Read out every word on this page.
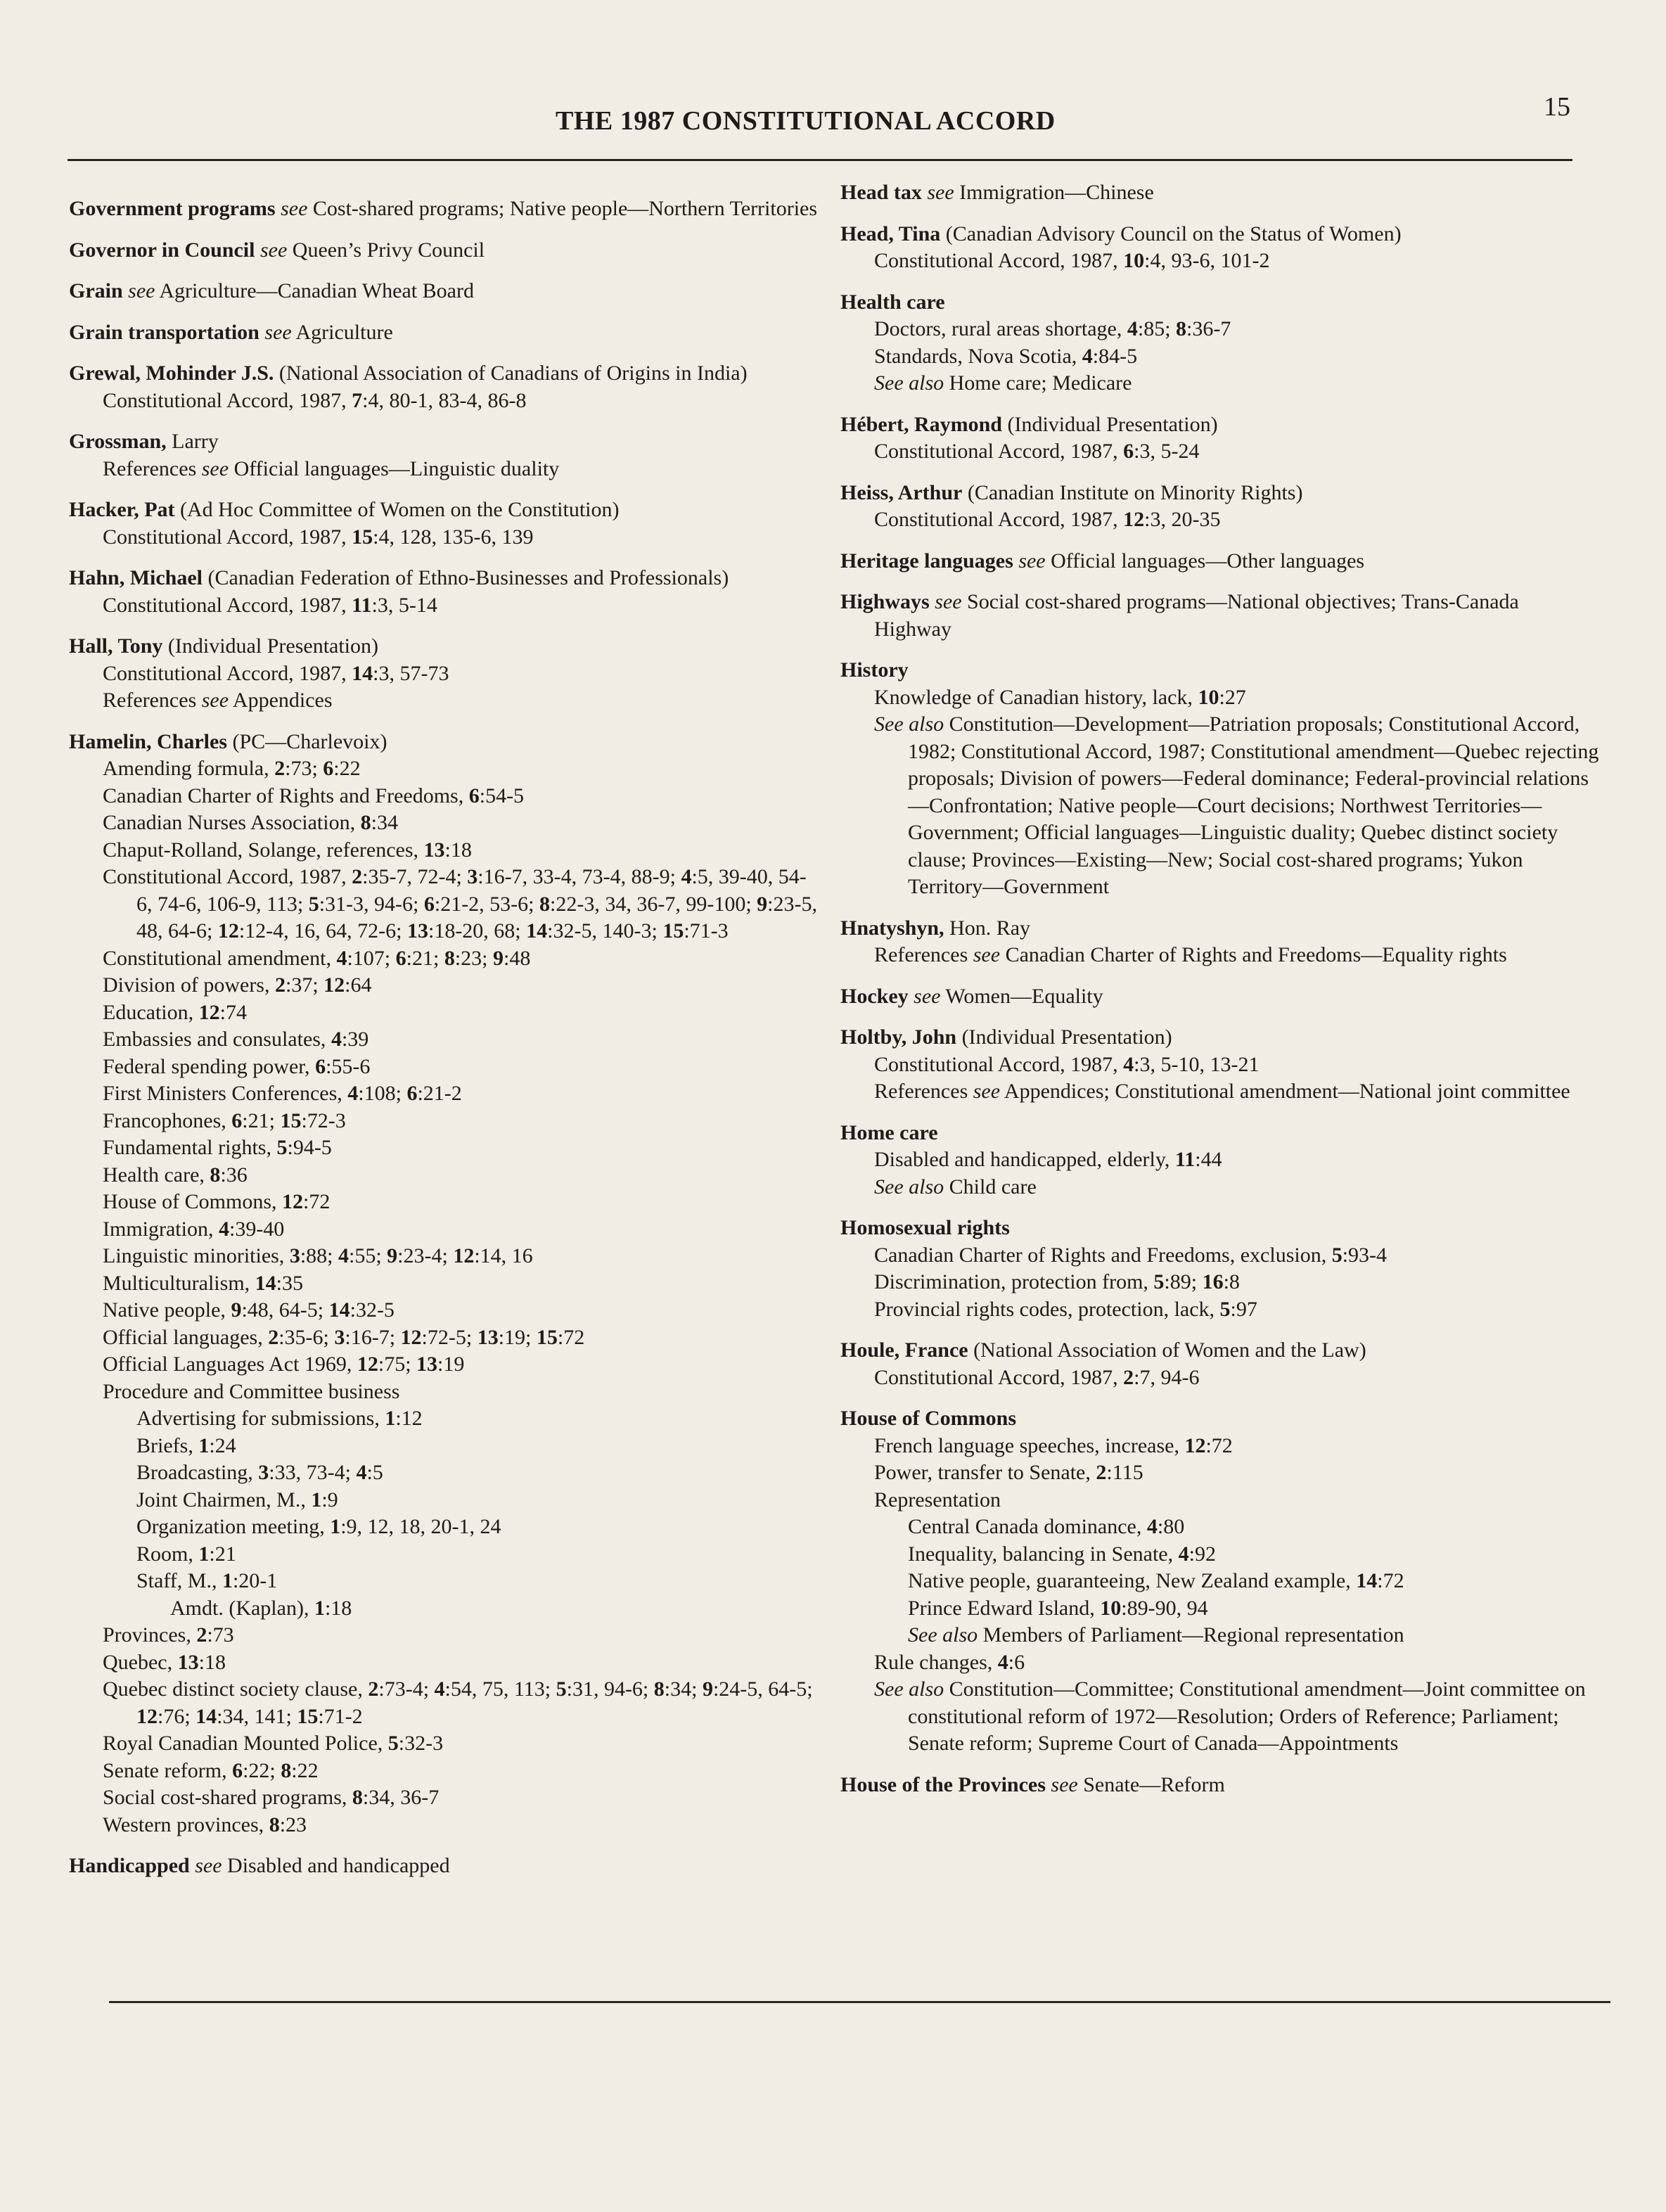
THE 1987 CONSTITUTIONAL ACCORD	15
Government programs see Cost-shared programs; Native people—Northern Territories
Governor in Council see Queen’s Privy Council
Grain see Agriculture—Canadian Wheat Board
Grain transportation see Agriculture
Grewal, Mohinder J.S. (National Association of Canadians of Origins in India)
Constitutional Accord, 1987, 7:4, 80-1, 83-4, 86-8
Grossman, Larry
References see Official languages—Linguistic duality
Hacker, Pat (Ad Hoc Committee of Women on the Constitution)
Constitutional Accord, 1987, 15:4, 128, 135-6, 139
Hahn, Michael (Canadian Federation of Ethno-Businesses and Professionals)
Constitutional Accord, 1987, 11:3, 5-14
Hall, Tony (Individual Presentation)
Constitutional Accord, 1987, 14:3, 57-73
References see Appendices
Hamelin, Charles (PC—Charlevoix)
Amending formula, 2:73; 6:22
Canadian Charter of Rights and Freedoms, 6:54-5
Canadian Nurses Association, 8:34
Chaput-Rolland, Solange, references, 13:18
Constitutional Accord, 1987, 2:35-7, 72-4; 3:16-7, 33-4, 73-4, 88-9; 4:5, 39-40, 54-6, 74-6, 106-9, 113; 5:31-3, 94-6; 6:21-2, 53-6; 8:22-3, 34, 36-7, 99-100; 9:23-5, 48, 64-6; 12:12-4, 16, 64, 72-6; 13:18-20, 68; 14:32-5, 140-3; 15:71-3
Constitutional amendment, 4:107; 6:21; 8:23; 9:48
Division of powers, 2:37; 12:64
Education, 12:74
Embassies and consulates, 4:39
Federal spending power, 6:55-6
First Ministers Conferences, 4:108; 6:21-2
Francophones, 6:21; 15:72-3
Fundamental rights, 5:94-5
Health care, 8:36
House of Commons, 12:72
Immigration, 4:39-40
Linguistic minorities, 3:88; 4:55; 9:23-4; 12:14, 16
Multiculturalism, 14:35
Native people, 9:48, 64-5; 14:32-5
Official languages, 2:35-6; 3:16-7; 12:72-5; 13:19; 15:72
Official Languages Act 1969, 12:75; 13:19
Procedure and Committee business
Advertising for submissions, 1:12
Briefs, 1:24
Broadcasting, 3:33, 73-4; 4:5
Joint Chairmen, M., 1:9
Organization meeting, 1:9, 12, 18, 20-1, 24
Room, 1:21
Staff, M., 1:20-1
Amdt. (Kaplan), 1:18
Provinces, 2:73
Quebec, 13:18
Quebec distinct society clause, 2:73-4; 4:54, 75, 113; 5:31, 94-6; 8:34; 9:24-5, 64-5; 12:76; 14:34, 141; 15:71-2
Royal Canadian Mounted Police, 5:32-3
Senate reform, 6:22; 8:22
Social cost-shared programs, 8:34, 36-7
Western provinces, 8:23
Handicapped see Disabled and handicapped
Head tax see Immigration—Chinese
Head, Tina (Canadian Advisory Council on the Status of Women)
Constitutional Accord, 1987, 10:4, 93-6, 101-2
Health care
Doctors, rural areas shortage, 4:85; 8:36-7
Standards, Nova Scotia, 4:84-5
See also Home care; Medicare
Hébert, Raymond (Individual Presentation)
Constitutional Accord, 1987, 6:3, 5-24
Heiss, Arthur (Canadian Institute on Minority Rights)
Constitutional Accord, 1987, 12:3, 20-35
Heritage languages see Official languages—Other languages
Highways see Social cost-shared programs—National objectives; Trans-Canada Highway
History
Knowledge of Canadian history, lack, 10:27
See also Constitution—Development—Patriation proposals; Constitutional Accord, 1982; Constitutional Accord, 1987; Constitutional amendment—Quebec rejecting proposals; Division of powers—Federal dominance; Federal-provincial relations—Confrontation; Native people—Court decisions; Northwest Territories—Government; Official languages—Linguistic duality; Quebec distinct society clause; Provinces—Existing—New; Social cost-shared programs; Yukon Territory—Government
Hnatyshyn, Hon. Ray
References see Canadian Charter of Rights and Freedoms—Equality rights
Hockey see Women—Equality
Holtby, John (Individual Presentation)
Constitutional Accord, 1987, 4:3, 5-10, 13-21
References see Appendices; Constitutional amendment—National joint committee
Home care
Disabled and handicapped, elderly, 11:44
See also Child care
Homosexual rights
Canadian Charter of Rights and Freedoms, exclusion, 5:93-4
Discrimination, protection from, 5:89; 16:8
Provincial rights codes, protection, lack, 5:97
Houle, France (National Association of Women and the Law)
Constitutional Accord, 1987, 2:7, 94-6
House of Commons
French language speeches, increase, 12:72
Power, transfer to Senate, 2:115
Representation
Central Canada dominance, 4:80
Inequality, balancing in Senate, 4:92
Native people, guaranteeing, New Zealand example, 14:72
Prince Edward Island, 10:89-90, 94
See also Members of Parliament—Regional representation
Rule changes, 4:6
See also Constitution—Committee; Constitutional amendment—Joint committee on constitutional reform of 1972—Resolution; Orders of Reference; Parliament; Senate reform; Supreme Court of Canada—Appointments
House of the Provinces see Senate—Reform
